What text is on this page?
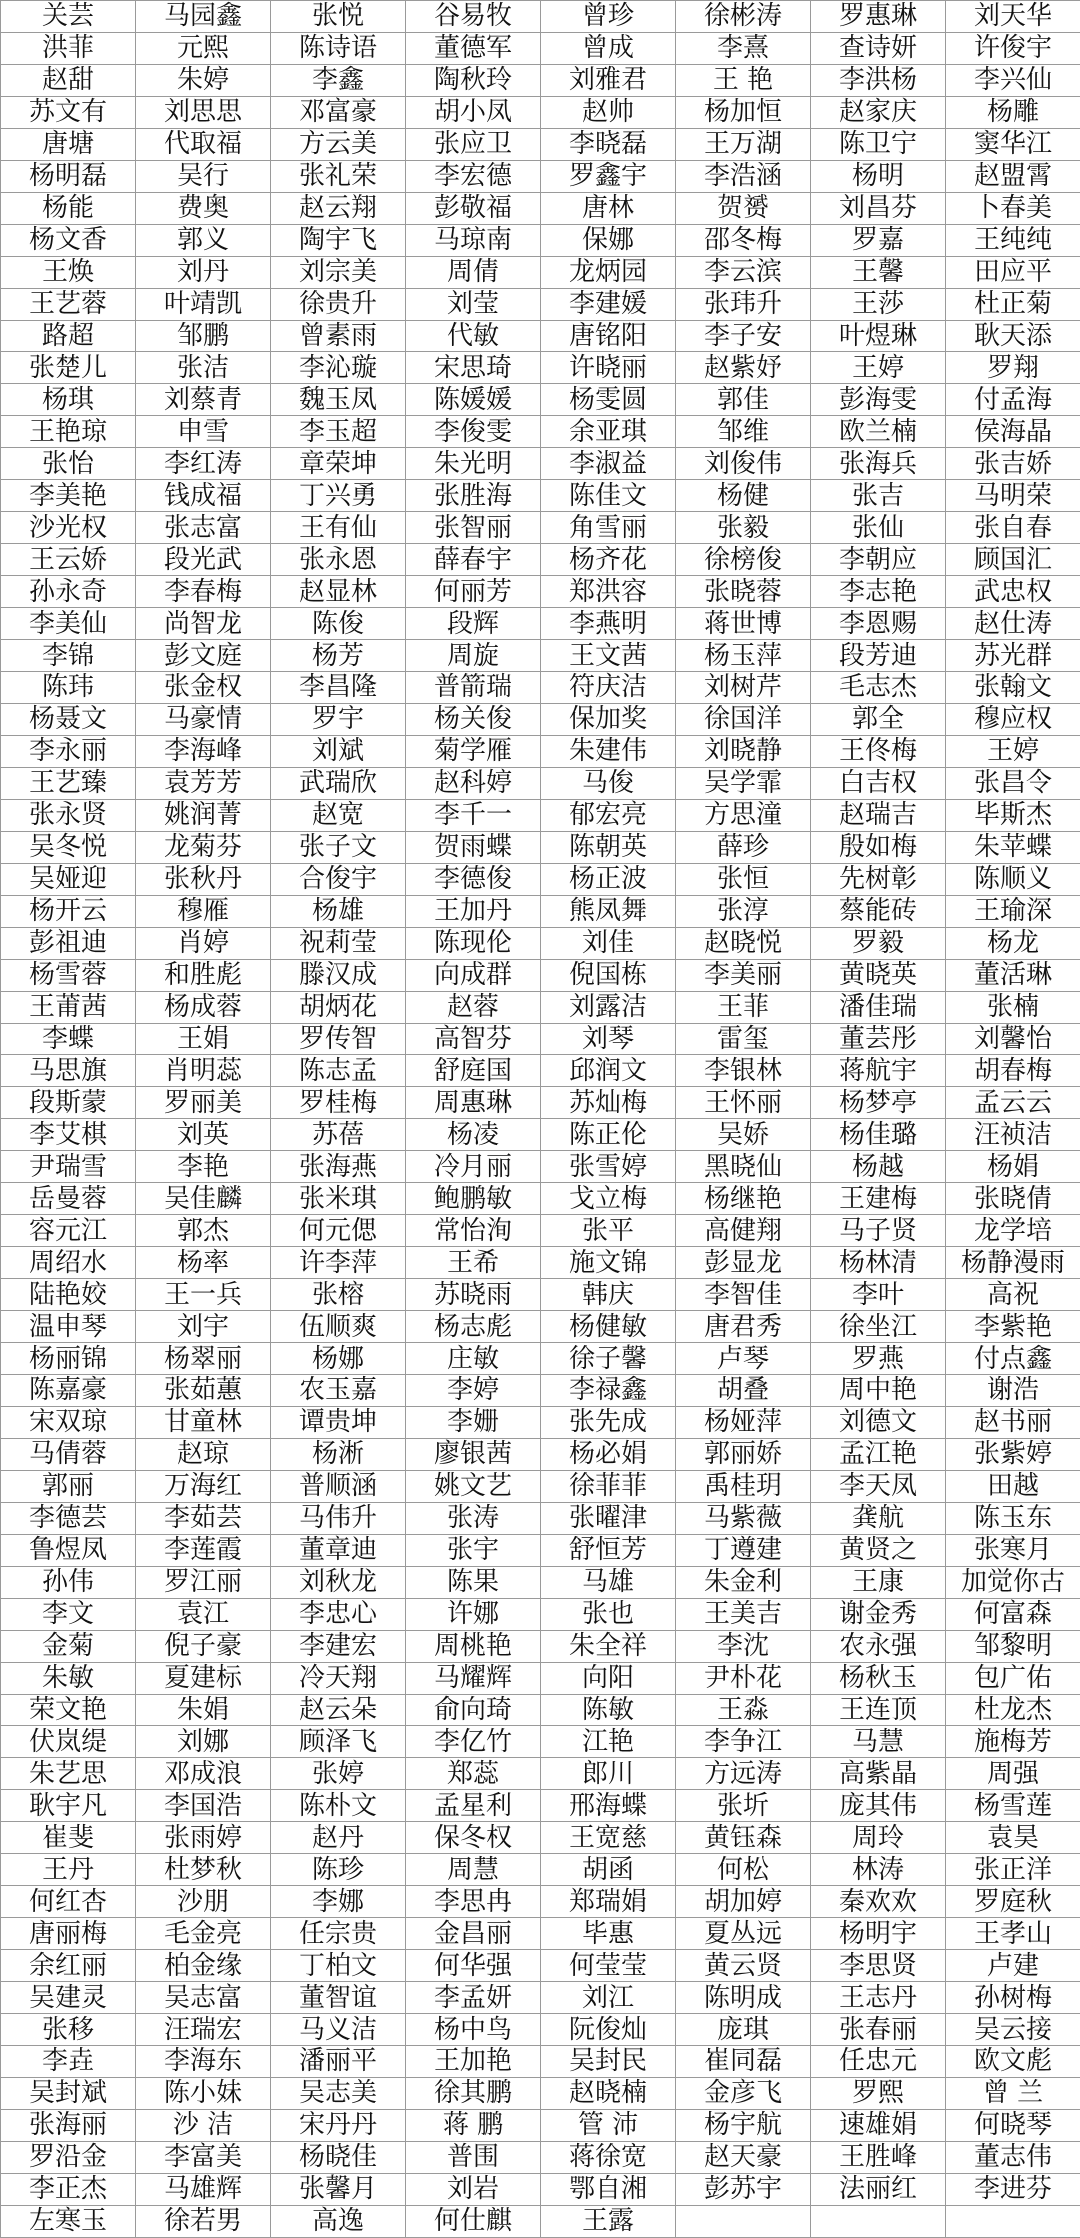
关芸	马园鑫	张悦	谷易牧	曾珍	徐彬涛	罗惠琳	刘天华
洪菲	元熙	陈诗语	董德军	曾成	李熹	查诗妍	许俊宇
赵甜	朱婷	李鑫	陶秋玲	刘雅君	王 艳	李洪杨	李兴仙
苏文有	刘思思	邓富豪	胡小凤	赵帅	杨加恒	赵家庆	杨雕
唐塘	代取福	方云美	张应卫	李晓磊	王万湖	陈卫宁	窦华江
杨明磊	吴行	张礼荣	李宏德	罗鑫宇	李浩涵	杨明	赵盟霄
杨能	费奥	赵云翔	彭敬福	唐林	贺赟	刘昌芬	卜春美
杨文香	郭义	陶宇飞	马琼南	保娜	邵冬梅	罗嘉	王纯纯
王焕	刘丹	刘宗美	周倩	龙炳园	李云滨	王馨	田应平
王艺蓉	叶靖凯	徐贵升	刘莹	李建媛	张玮升	王莎	杜正菊
路超	邹鹏	曾素雨	代敏	唐铭阳	李子安	叶煜琳	耿天添
张楚儿	张洁	李沁璇	宋思琦	许晓丽	赵紫妤	王婷	罗翔
杨琪	刘蔡青	魏玉凤	陈媛媛	杨雯圆	郭佳	彭海雯	付孟海
王艳琼	申雪	李玉超	李俊雯	余亚琪	邹维	欧兰楠	侯海晶
张怡	李红涛	章荣坤	朱光明	李淑益	刘俊伟	张海兵	张吉娇
李美艳	钱成福	丁兴勇	张胜海	陈佳文	杨健	张吉	马明荣
沙光权	张志富	王有仙	张智丽	角雪丽	张毅	张仙	张自春
王云娇	段光武	张永恩	薛春宇	杨齐花	徐榜俊	李朝应	顾国汇
孙永奇	李春梅	赵显林	何丽芳	郑洪容	张晓蓉	李志艳	武忠权
李美仙	尚智龙	陈俊	段辉	李燕明	蒋世博	李恩赐	赵仕涛
李锦	彭文庭	杨芳	周旋	王文茜	杨玉萍	段芳迪	苏光群
陈玮	张金权	李昌隆	普箭瑞	符庆洁	刘树芹	毛志杰	张翰文
杨聂文	马豪情	罗宇	杨关俊	保加奖	徐国洋	郭全	穆应权
李永丽	李海峰	刘斌	菊学雁	朱建伟	刘晓静	王佟梅	王婷
王艺臻	袁芳芳	武瑞欣	赵科婷	马俊	吴学霏	白吉权	张昌令
张永贤	姚润菁	赵宽	李千一	郁宏亮	方思潼	赵瑞吉	毕斯杰
吴冬悦	龙菊芬	张子文	贺雨蝶	陈朝英	薛珍	殷如梅	朱苹蝶
吴娅迎	张秋丹	合俊宇	李德俊	杨正波	张恒	先树彰	陈顺义
杨开云	穆雁	杨雄	王加丹	熊凤舞	张淳	蔡能砖	王瑜深
彭祖迪	肖婷	祝莉莹	陈现伦	刘佳	赵晓悦	罗毅	杨龙
杨雪蓉	和胜彪	滕汉成	向成群	倪国栋	李美丽	黄晓英	董活琳
王莆茜	杨成蓉	胡炳花	赵蓉	刘露洁	王菲	潘佳瑞	张楠
李蝶	王娟	罗传智	高智芬	刘琴	雷玺	董芸彤	刘馨怡
马思旗	肖明蕊	陈志孟	舒庭国	邱润文	李银林	蒋航宇	胡春梅
段斯蒙	罗丽美	罗桂梅	周惠琳	苏灿梅	王怀丽	杨梦亭	孟云云
李艾棋	刘英	苏蓓	杨凌	陈正伦	吴娇	杨佳璐	汪祯洁
尹瑞雪	李艳	张海燕	冷月丽	张雪婷	黑晓仙	杨越	杨娟
岳曼蓉	吴佳麟	张米琪	鲍鹏敏	戈立梅	杨继艳	王建梅	张晓倩
容元江	郭杰	何元偲	常怡洵	张平	高健翔	马子贤	龙学培
周绍水	杨率	许李萍	王希	施文锦	彭显龙	杨林清	杨静漫雨
陆艳姣	王一兵	张榕	苏晓雨	韩庆	李智佳	李叶	高祝
温申琴	刘宇	伍顺爽	杨志彪	杨健敏	唐君秀	徐坐江	李紫艳
杨丽锦	杨翠丽	杨娜	庄敏	徐子馨	卢琴	罗燕	付点鑫
陈嘉豪	张茹蕙	农玉嘉	李婷	李禄鑫	胡叠	周中艳	谢浩
宋双琼	甘童林	谭贵坤	李姗	张先成	杨娅萍	刘德文	赵书丽
马倩蓉	赵琼	杨淅	廖银茜	杨必娟	郭丽娇	孟江艳	张紫婷
郭丽	万海红	普顺涵	姚文艺	徐菲菲	禹桂玥	李天凤	田越
李德芸	李茹芸	马伟升	张涛	张曜津	马紫薇	龚航	陈玉东
鲁煜凤	李莲霞	董章迪	张宇	舒恒芳	丁遵建	黄贤之	张寒月
孙伟	罗江丽	刘秋龙	陈果	马雄	朱金利	王康	加觉你古
李文	袁江	李忠心	许娜	张也	王美吉	谢金秀	何富森
金菊	倪子豪	李建宏	周桃艳	朱全祥	李沈	农永强	邹黎明
朱敏	夏建标	冷天翔	马耀辉	向阳	尹朴花	杨秋玉	包广佑
荣文艳	朱娟	赵云朵	俞向琦	陈敏	王淼	王连顶	杜龙杰
伏岚缇	刘娜	顾泽飞	李亿竹	江艳	李争江	马慧	施梅芳
朱艺思	邓成浪	张婷	郑蕊	郎川	方远涛	高紫晶	周强
耿宇凡	李国浩	陈朴文	孟星利	邢海蝶	张圻	庞其伟	杨雪莲
崔斐	张雨婷	赵丹	保冬权	王宽慈	黄钰森	周玲	袁昊
王丹	杜梦秋	陈珍	周慧	胡函	何松	林涛	张正洋
何红杏	沙朋	李娜	李思冉	郑瑞娟	胡加婷	秦欢欢	罗庭秋
唐丽梅	毛金亮	任宗贵	金昌丽	毕惠	夏丛远	杨明宇	王孝山
余红丽	柏金缘	丁柏文	何华强	何莹莹	黄云贤	李思贤	卢建
吴建灵	吴志富	董智谊	李孟妍	刘江	陈明成	王志丹	孙树梅
张移	汪瑞宏	马义洁	杨中鸟	阮俊灿	庞琪	张春丽	吴云接
李垚	李海东	潘丽平	王加艳	吴封民	崔同磊	任忠元	欧文彪
吴封斌	陈小妹	吴志美	徐其鹏	赵晓楠	金彦飞	罗熙	曾 兰
张海丽	沙 洁	宋丹丹	蒋 鹏	管 沛	杨宇航	速雄娟	何晓琴
罗沿金	李富美	杨晓佳	普围	蒋徐宽	赵天豪	王胜峰	董志伟
李正杰	马雄辉	张馨月	刘岩	鄂自湘	彭苏宇	法丽红	李进芬
左寒玉	徐若男	高逸	何仕麒	王露			
